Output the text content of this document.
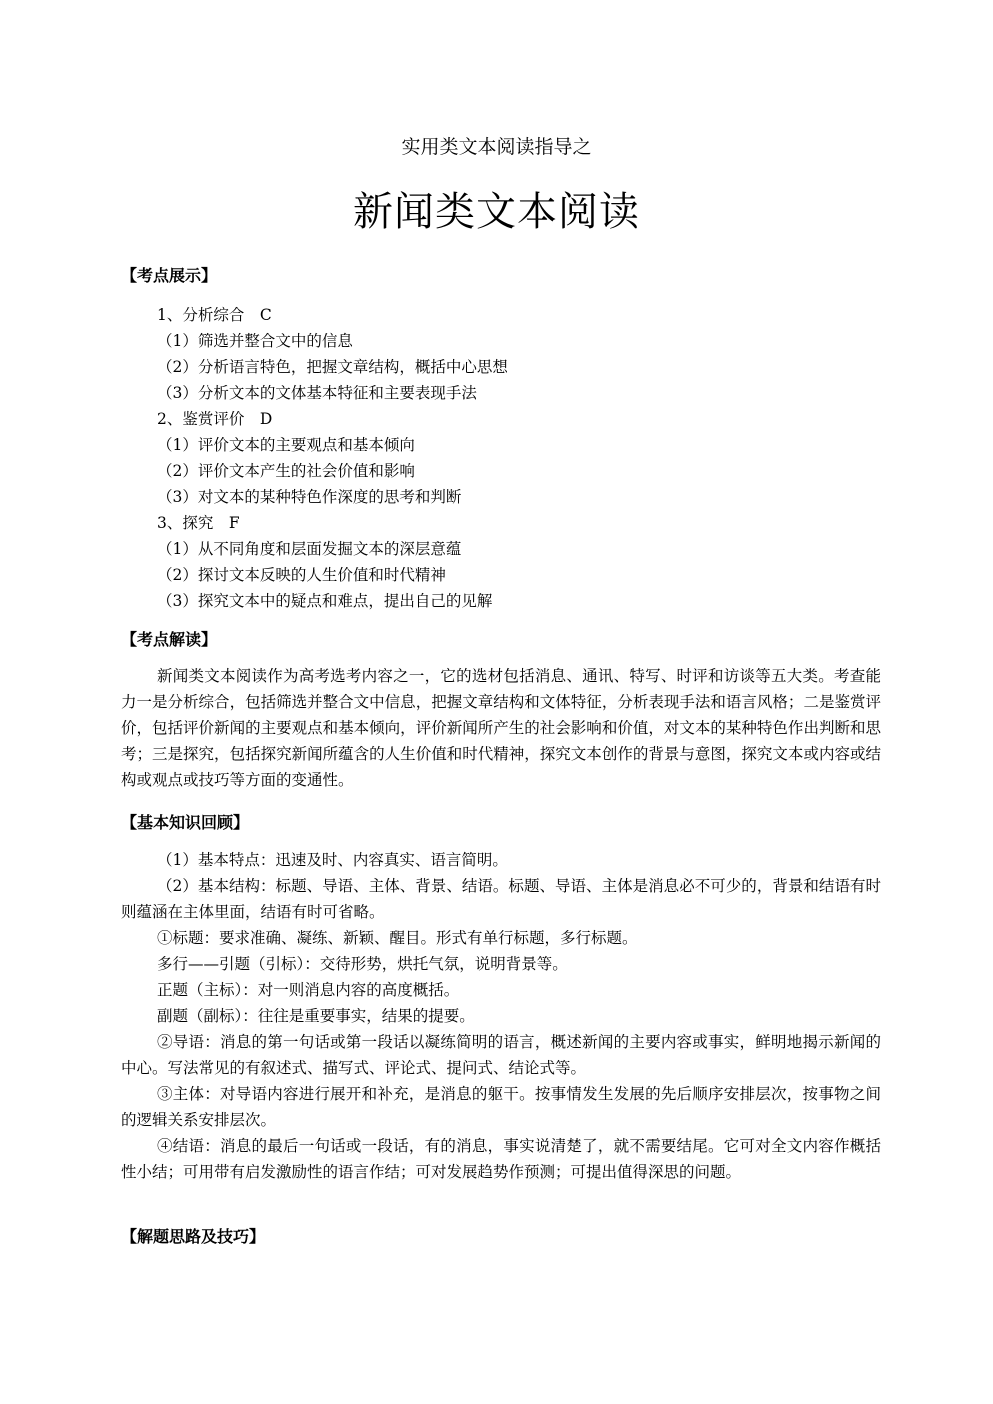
实用类文本阅读指导之
新闻类文本阅读
【考点展示】
1、分析综合　C
（1）筛选并整合文中的信息
（2）分析语言特色，把握文章结构，概括中心思想
（3）分析文本的文体基本特征和主要表现手法
2、鉴赏评价　D
（1）评价文本的主要观点和基本倾向
（2）评价文本产生的社会价值和影响
（3）对文本的某种特色作深度的思考和判断
3、探究　F
（1）从不同角度和层面发掘文本的深层意蕴
（2）探讨文本反映的人生价值和时代精神
（3）探究文本中的疑点和难点，提出自己的见解
【考点解读】
新闻类文本阅读作为高考选考内容之一，它的选材包括消息、通讯、特写、时评和访谈等五大类。考查能力一是分析综合，包括筛选并整合文中信息，把握文章结构和文体特征，分析表现手法和语言风格；二是鉴赏评价，包括评价新闻的主要观点和基本倾向，评价新闻所产生的社会影响和价值，对文本的某种特色作出判断和思考；三是探究，包括探究新闻所蕴含的人生价值和时代精神，探究文本创作的背景与意图，探究文本或内容或结构或观点或技巧等方面的变通性。
【基本知识回顾】
（1）基本特点：迅速及时、内容真实、语言简明。
（2）基本结构：标题、导语、主体、背景、结语。标题、导语、主体是消息必不可少的，背景和结语有时则蕴涵在主体里面，结语有时可省略。
①标题：要求准确、凝练、新颖、醒目。形式有单行标题，多行标题。
多行——引题（引标）：交待形势，烘托气氛，说明背景等。
正题（主标）：对一则消息内容的高度概括。
副题（副标）：往往是重要事实，结果的提要。
②导语：消息的第一句话或第一段话以凝练简明的语言，概述新闻的主要内容或事实，鲜明地揭示新闻的中心。写法常见的有叙述式、描写式、评论式、提问式、结论式等。
③主体：对导语内容进行展开和补充，是消息的躯干。按事情发生发展的先后顺序安排层次，按事物之间的逻辑关系安排层次。
④结语：消息的最后一句话或一段话，有的消息，事实说清楚了，就不需要结尾。它可对全文内容作概括性小结；可用带有启发激励性的语言作结；可对发展趋势作预测；可提出值得深思的问题。
【解题思路及技巧】
